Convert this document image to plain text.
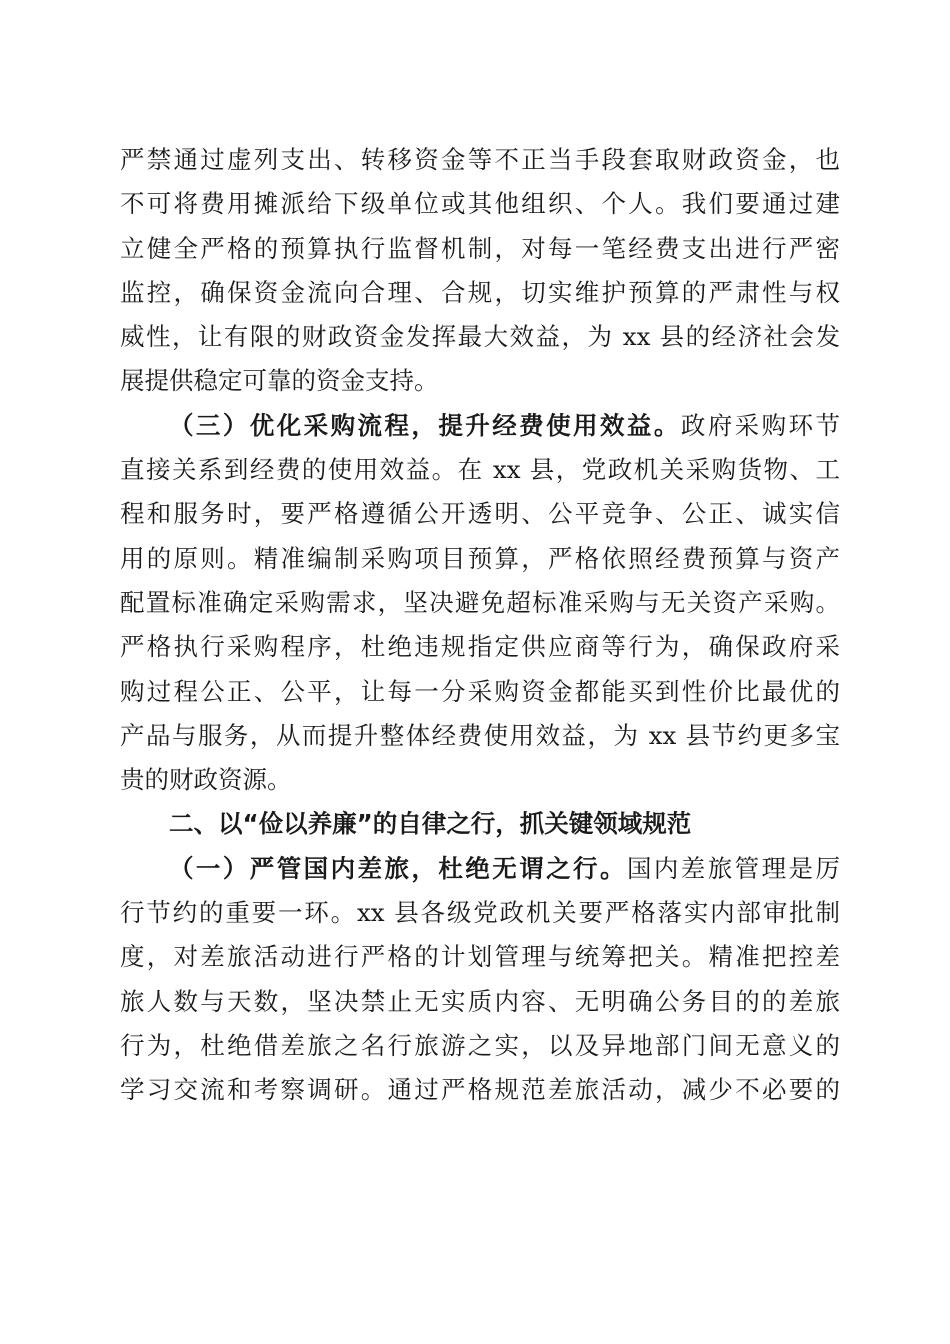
严禁通过虚列支出、转移资金等不正当手段套取财政资金，也
不可将费用摊派给下级单位或其他组织、个人。我们要通过建
立健全严格的预算执行监督机制，对每一笔经费支出进行严密
监控，确保资金流向合理、合规，切实维护预算的严肃性与权
威性，让有限的财政资金发挥最大效益，为 xx 县的经济社会发
展提供稳定可靠的资金支持。
（三）优化采购流程，提升经费使用效益。政府采购环节
直接关系到经费的使用效益。在 xx 县，党政机关采购货物、工
程和服务时，要严格遵循公开透明、公平竞争、公正、诚实信
用的原则。精准编制采购项目预算，严格依照经费预算与资产
配置标准确定采购需求，坚决避免超标准采购与无关资产采购。
严格执行采购程序，杜绝违规指定供应商等行为，确保政府采
购过程公正、公平，让每一分采购资金都能买到性价比最优的
产品与服务，从而提升整体经费使用效益，为 xx 县节约更多宝
贵的财政资源。
二、以“俭以养廉”的自律之行，抓关键领域规范
（一）严管国内差旅，杜绝无谓之行。国内差旅管理是厉
行节约的重要一环。xx 县各级党政机关要严格落实内部审批制
度，对差旅活动进行严格的计划管理与统筹把关。精准把控差
旅人数与天数，坚决禁止无实质内容、无明确公务目的的差旅
行为，杜绝借差旅之名行旅游之实，以及异地部门间无意义的
学习交流和考察调研。通过严格规范差旅活动，减少不必要的
